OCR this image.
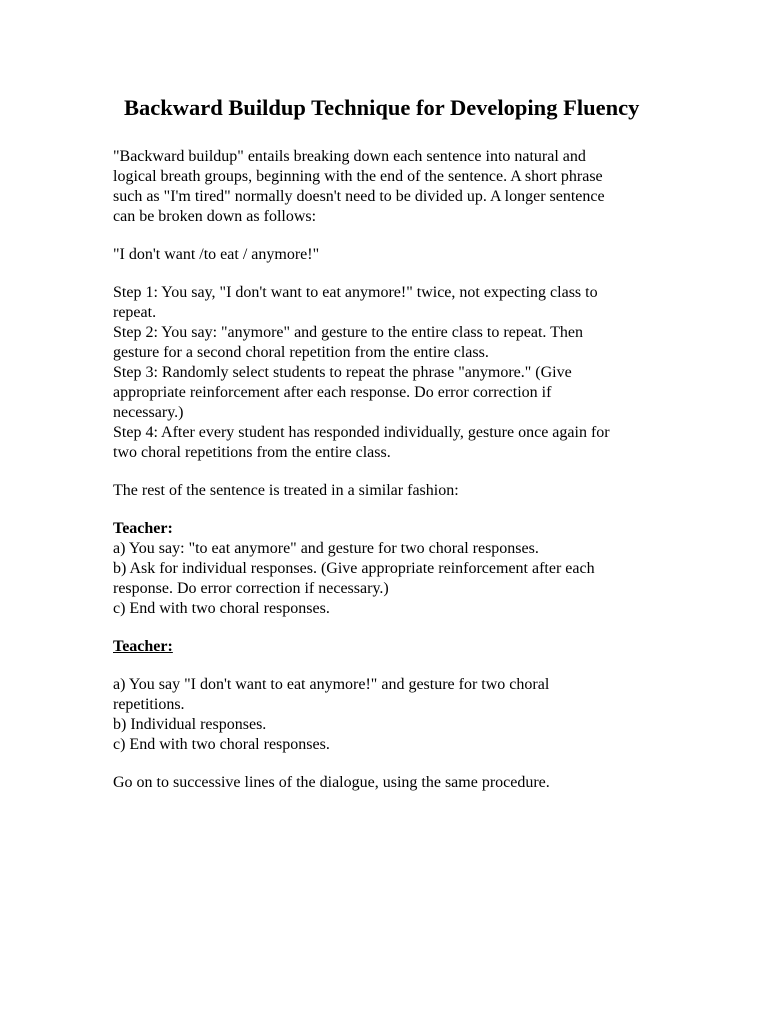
Backward Buildup Technique for Developing Fluency
"Backward buildup" entails breaking down each sentence into natural and
logical breath groups, beginning with the end of the sentence. A short phrase
such as "I'm tired" normally doesn't need to be divided up. A longer sentence
can be broken down as follows:
"I don't want /to eat / anymore!"
Step 1: You say, "I don't want to eat anymore!" twice, not expecting class to
repeat.
Step 2: You say: "anymore" and gesture to the entire class to repeat. Then
gesture for a second choral repetition from the entire class.
Step 3: Randomly select students to repeat the phrase "anymore." (Give
appropriate reinforcement after each response. Do error correction if
necessary.)
Step 4: After every student has responded individually, gesture once again for
two choral repetitions from the entire class.
The rest of the sentence is treated in a similar fashion:
Teacher:
a) You say: "to eat anymore" and gesture for two choral responses.
b) Ask for individual responses. (Give appropriate reinforcement after each
response. Do error correction if necessary.)
c) End with two choral responses.
Teacher:
a) You say "I don't want to eat anymore!" and gesture for two choral
repetitions.
b) Individual responses.
c) End with two choral responses.
Go on to successive lines of the dialogue, using the same procedure.
